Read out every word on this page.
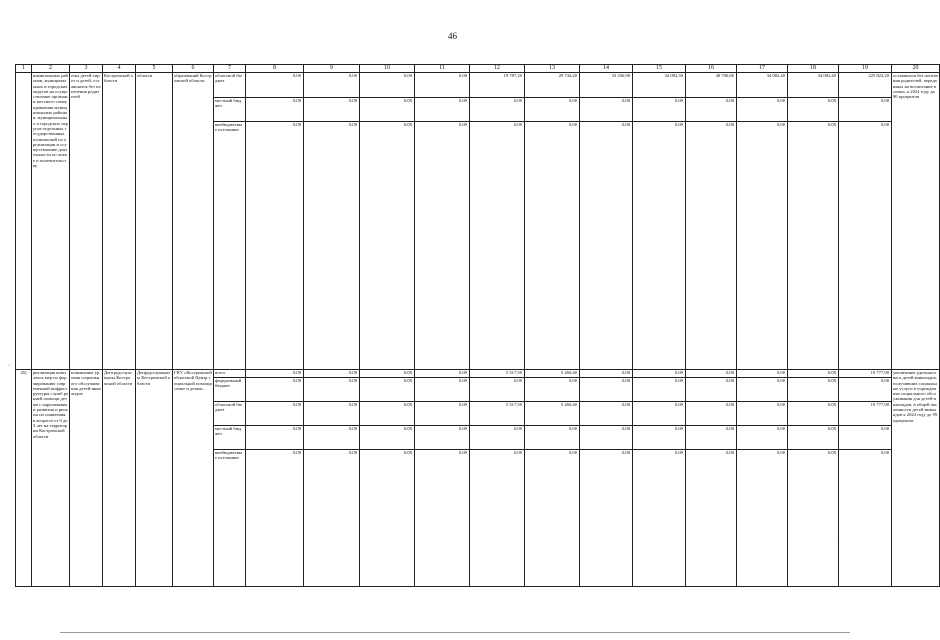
46
1	2	3	4	5	6	7	8	9	10	11	12	13	14	15	16	17	18	19	20
	нимипальных районов, муниципальных и городских округов на осуществление органами местного самоуправления муниципальных районов, муниципальных и городских округов отдельных государственных полномочий по организации и осуществлению деятельности по опеке и попечительству	етка детей-сирот и детей, оставшихся без попечения родителей	Костромской области	области	образований Костромской области	областной бюджет	0,00	0,00	0,00	0,00	19 787,20	29 744,20	33 336,90	34 082,30	40 706,80	34 082,40	34 082,40	225 822,20	оставшихся без попечения родителей, переданных на воспитание в семьи, к 2024 году до 90 процентов
						местный бюджет	0,00	0,00	0,00	0,00	0,00	0,00	0,00	0,00	0,00	0,00	0,00	0,00	
						внебюджетные источники	0,00	0,00	0,00	0,00	0,00	0,00	0,00	0,00	0,00	0,00	0,00	0,00	
45)	реализация комплекса мер по формированию современной инфраструктуры служб ранней помощи детям с нарушениями развития и риском их появления в возрасте от 0 до 3 лет на территории Костромской области	повышение уровня социального обслуживания детей-инвалидов	Дептрудсоцзащиты Костромской области	Депрудсоцзащиты Костромской области	ГКУ «Костромской областной Центр социальной помощи семье и детям»	всего	0,00	0,00	0,00	0,00	5 517,50	5 260,40	0,00	0,00	0,00	0,00	0,00	10 777,90	увеличение удельного веса детей-инвалидов, получивших социальные услуги в учреждениях социального обслуживания для детей-инвалидов, в общей численности детей-инвалидов к 2024 году до 99 процентов
						федеральный бюджет	0,00	0,00	0,00	0,00	0,00	0,00	0,00	0,00	0,00	0,00	0,00	0,00	
						областной бюджет	0,00	0,00	0,00	0,00	5 517,50	5 260,40	0,00	0,00	0,00	0,00	0,00	10 777,90	
						местный бюджет	0,00	0,00	0,00	0,00	0,00	0,00	0,00	0,00	0,00	0,00	0,00	0,00	
						внебюджетные источники	0,00	0,00	0,00	0,00	0,00	0,00	0,00	0,00	0,00	0,00	0,00	0,00	
·
·
